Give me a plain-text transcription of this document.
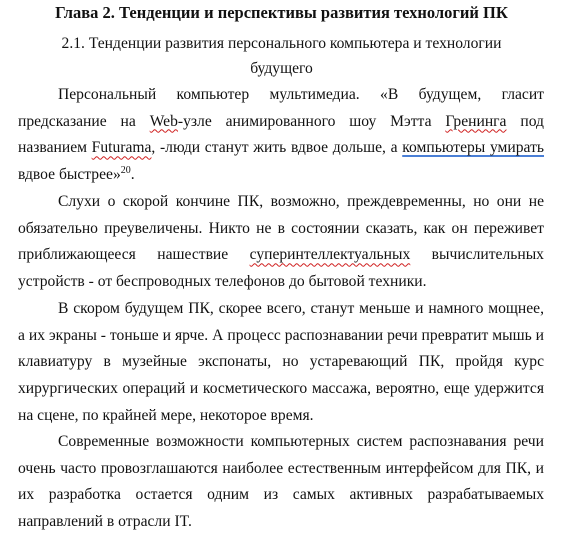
Глава 2. Тенденции и перспективы развития технологий ПК
2.1. Тенденции развития персонального компьютера и технологии будущего

Персональный компьютер мультимедиа. «В будущем, гласит предсказание на Web-узле анимированного шоу Мэтта Гренинга под названием Futurama, -люди станут жить вдвое дольше, а компьютеры умирать вдвое быстрее»$^{20}$.

Слухи о скорой кончине ПК, возможно, преждевременны, но они не обязательно преувеличены. Никто не в состоянии сказать, как он переживет приближающееся нашествие суперинтеллектуальных вычислительных устройств - от беспроводных телефонов до бытовой техники.

В скором будущем ПК, скорее всего, станут меньше и намного мощнее, а их экраны - тоньше и ярче. А процесс распознавании речи превратит мышь и клавиатуру в музейные экспонаты, но устаревающий ПК, пройдя курс хирургических операций и косметического массажа, вероятно, еще удержится на сцене, по крайней мере, некоторое время.

Современные возможности компьютерных систем распознавания речи очень часто провозглашаются наиболее естественным интерфейсом для ПК, и их разработка остается одним из самых активных разрабатываемых направлений в отрасли IT.
